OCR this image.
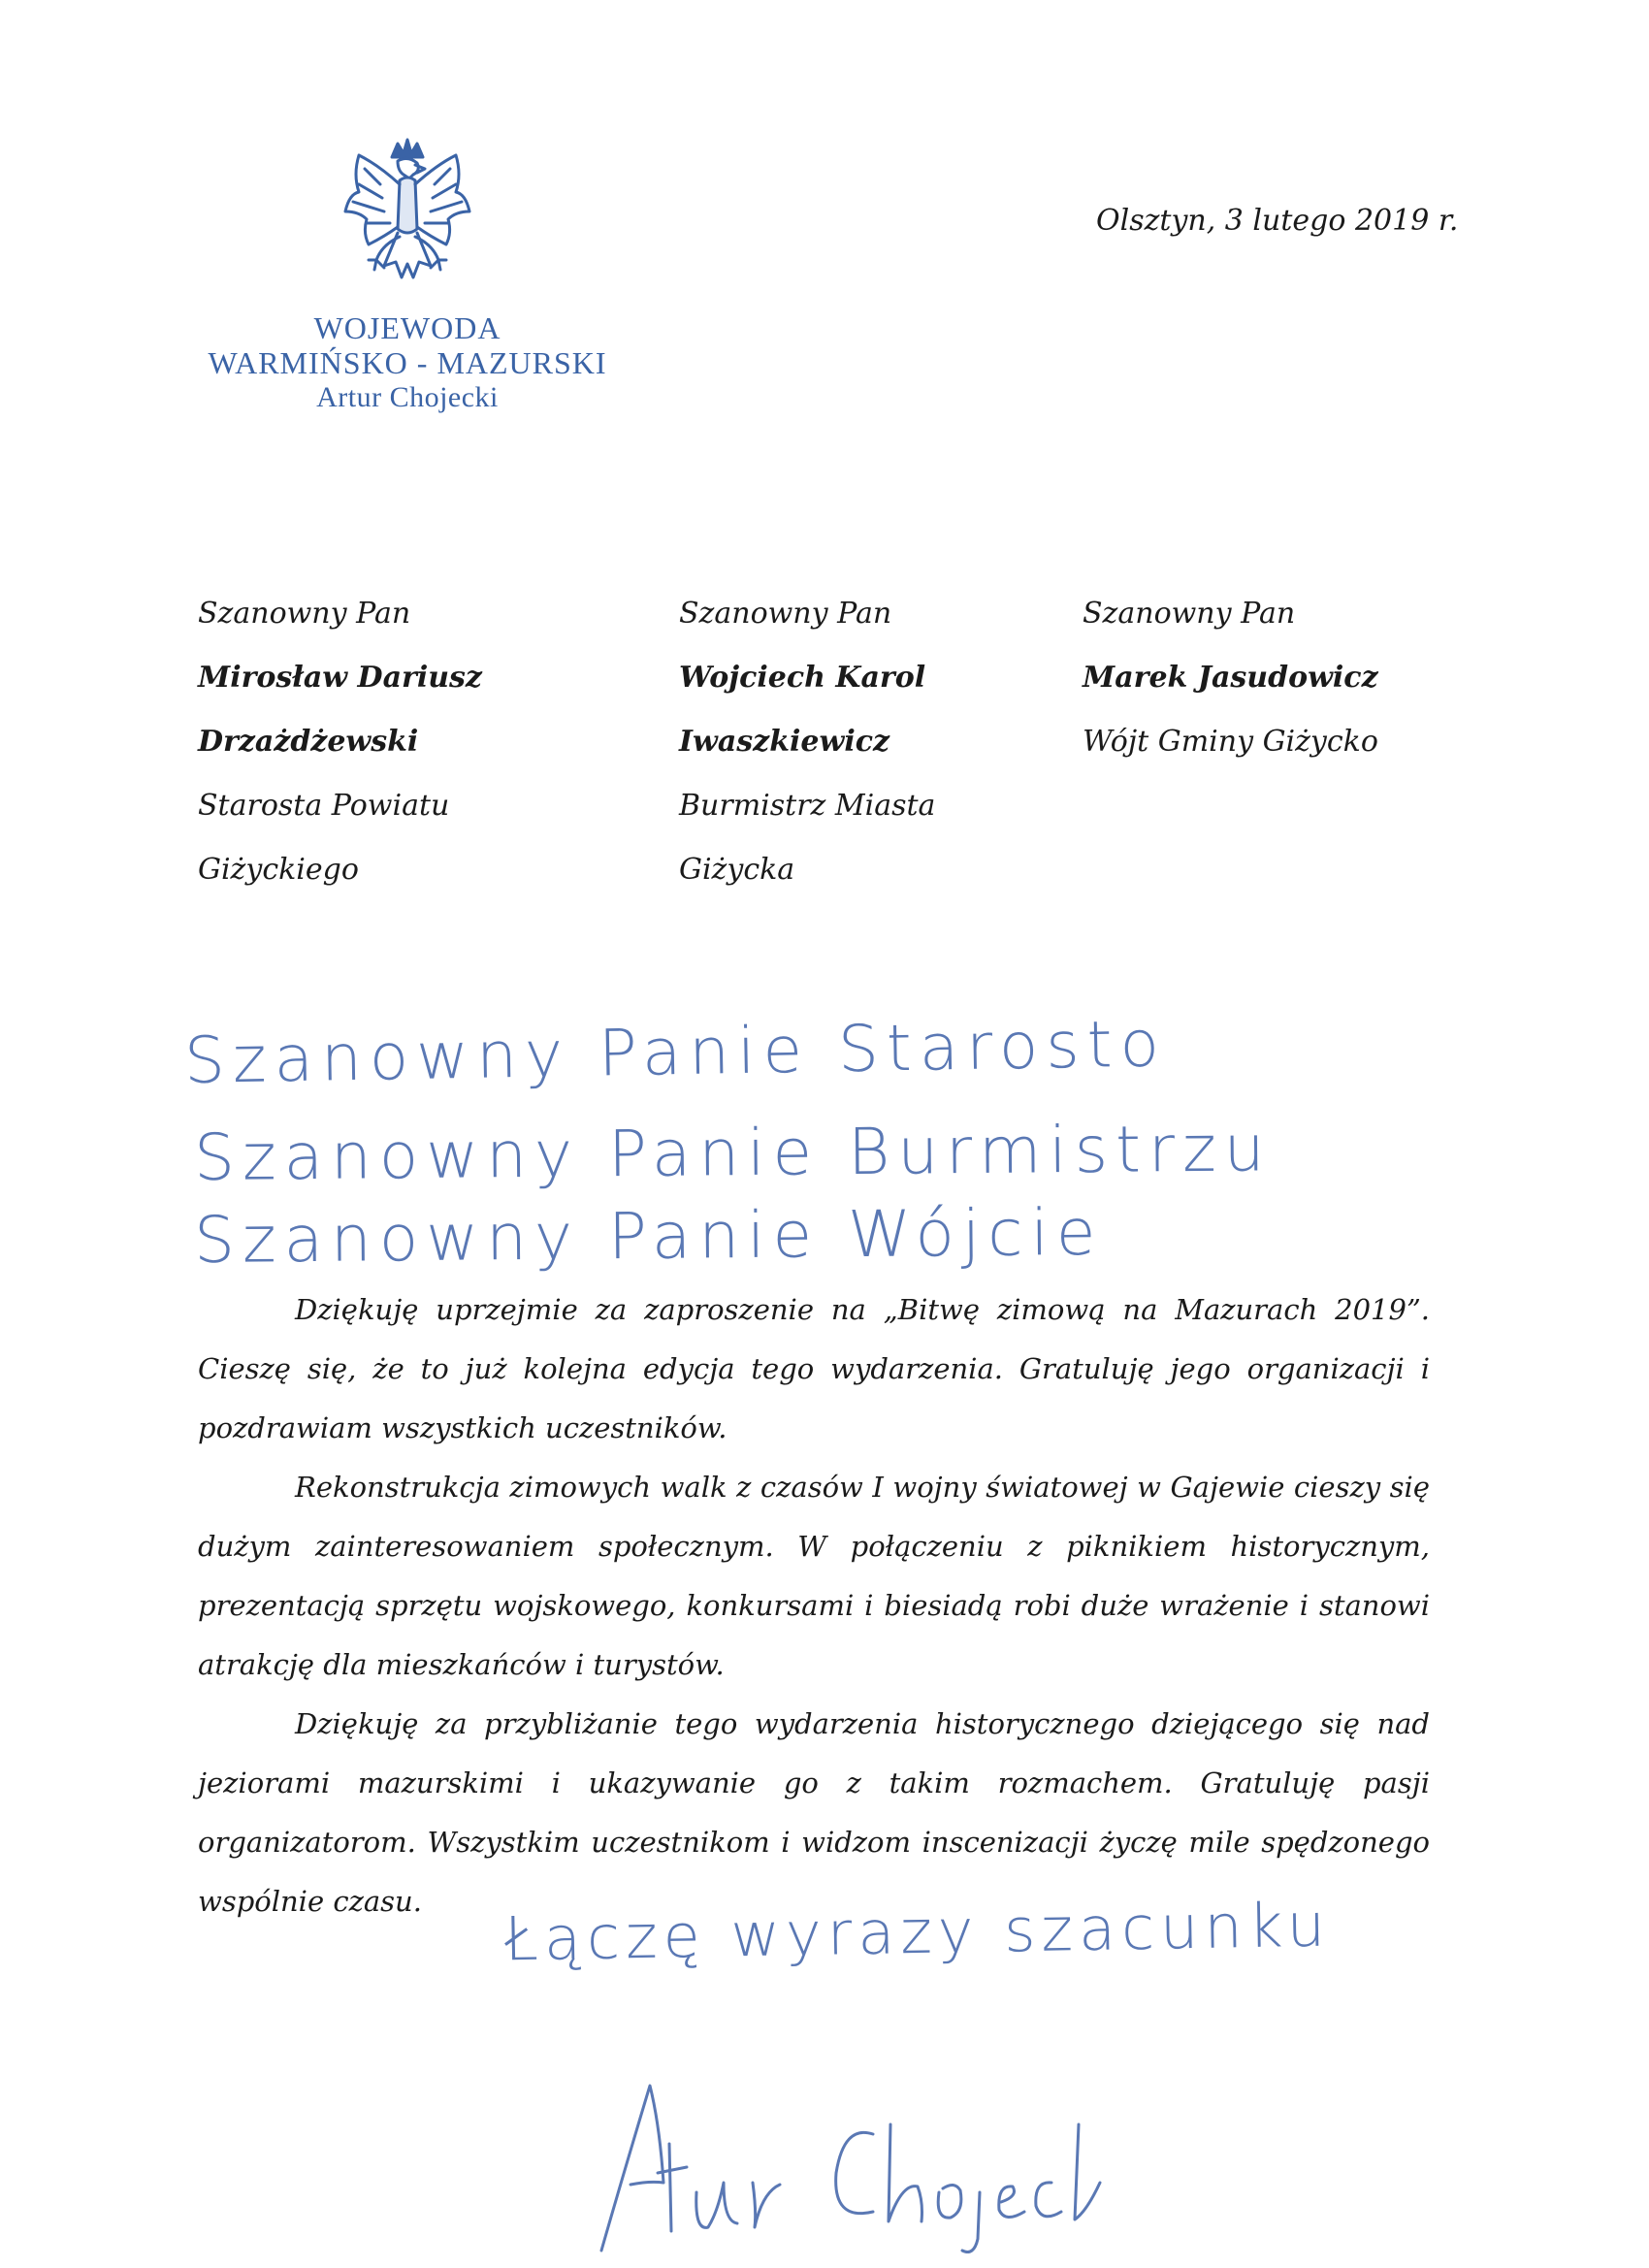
WOJEWODA
WARMIŃSKO - MAZURSKI
Artur Chojecki
Olsztyn, 3 lutego 2019 r.
Szanowny Pan
Mirosław Dariusz
Drzażdżewski
Starosta Powiatu
Giżyckiego
Szanowny Pan
Wojciech Karol
Iwaszkiewicz
Burmistrz Miasta
Giżycka
Szanowny Pan
Marek Jasudowicz
Wójt Gminy Giżycko
Szanowny Panie Starosto
Szanowny Panie Burmistrzu
Szanowny Panie Wójcie

Dziękuję uprzejmie za zaproszenie na „Bitwę zimową na Mazurach 2019”. Cieszę się, że to już kolejna edycja tego wydarzenia. Gratuluję jego organizacji i pozdrawiam wszystkich uczestników.

Rekonstrukcja zimowych walk z czasów I wojny światowej w Gajewie cieszy się dużym zainteresowaniem społecznym. W połączeniu z piknikiem historycznym, prezentacją sprzętu wojskowego, konkursami i biesiadą robi duże wrażenie i stanowi atrakcję dla mieszkańców i turystów.

Dziękuję za przybliżanie tego wydarzenia historycznego dziejącego się nad jeziorami mazurskimi i ukazywanie go z takim rozmachem. Gratuluję pasji organizatorom. Wszystkim uczestnikom i widzom inscenizacji życzę mile spędzonego wspólnie czasu.	Łączę wyrazy szacunku
